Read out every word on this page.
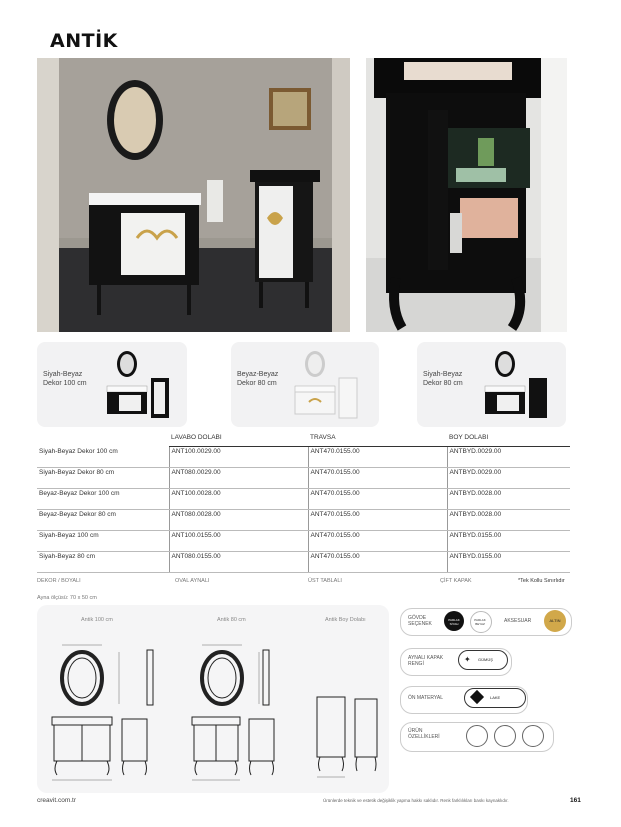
ANTİK
Siyah-Beyaz Dekor 100 cm
Beyaz-Beyaz Dekor 80 cm
Siyah-Beyaz Dekor 80 cm
	LAVABO DOLABI	TRAVSA	BOY DOLABI
Siyah-Beyaz Dekor 100 cm	ANT100.0029.00	ANT470.0155.00	ANTBYD.0029.00
Siyah-Beyaz Dekor 80 cm	ANT080.0029.00	ANT470.0155.00	ANTBYD.0029.00
Beyaz-Beyaz Dekor 100 cm	ANT100.0028.00	ANT470.0155.00	ANTBYD.0028.00
Beyaz-Beyaz Dekor 80 cm	ANT080.0028.00	ANT470.0155.00	ANTBYD.0028.00
Siyah-Beyaz 100 cm	ANT100.0155.00	ANT470.0155.00	ANTBYD.0155.00
Siyah-Beyaz 80 cm	ANT080.0155.00	ANT470.0155.00	ANTBYD.0155.00
DEKOR / BOYALI	OVAL AYNALI	ÜST TABLALI	ÇİFT KAPAK	*Tek Kollu Sınırlıdır
Ayna ölçüsü: 70 x 50 cm
Antik 100 cm	Antik 80 cm	Antik Boy Dolabı	GÖVDE SEÇENEK
PARLAK SİYAH
PARLAK BEYAZ	AKSESUAR	ALTIN
AYNALI KAPAK RENGİ	✦ GÜMÜŞ
ÖN MATERYAL	LAKE
ÜRÜN ÖZELLİKLERİ
creavit.com.tr	Ürünlerde teknik ve estetik değişiklik yapma hakkı saklıdır. Renk farklılıkları baskı kaynaklıdır.	161
